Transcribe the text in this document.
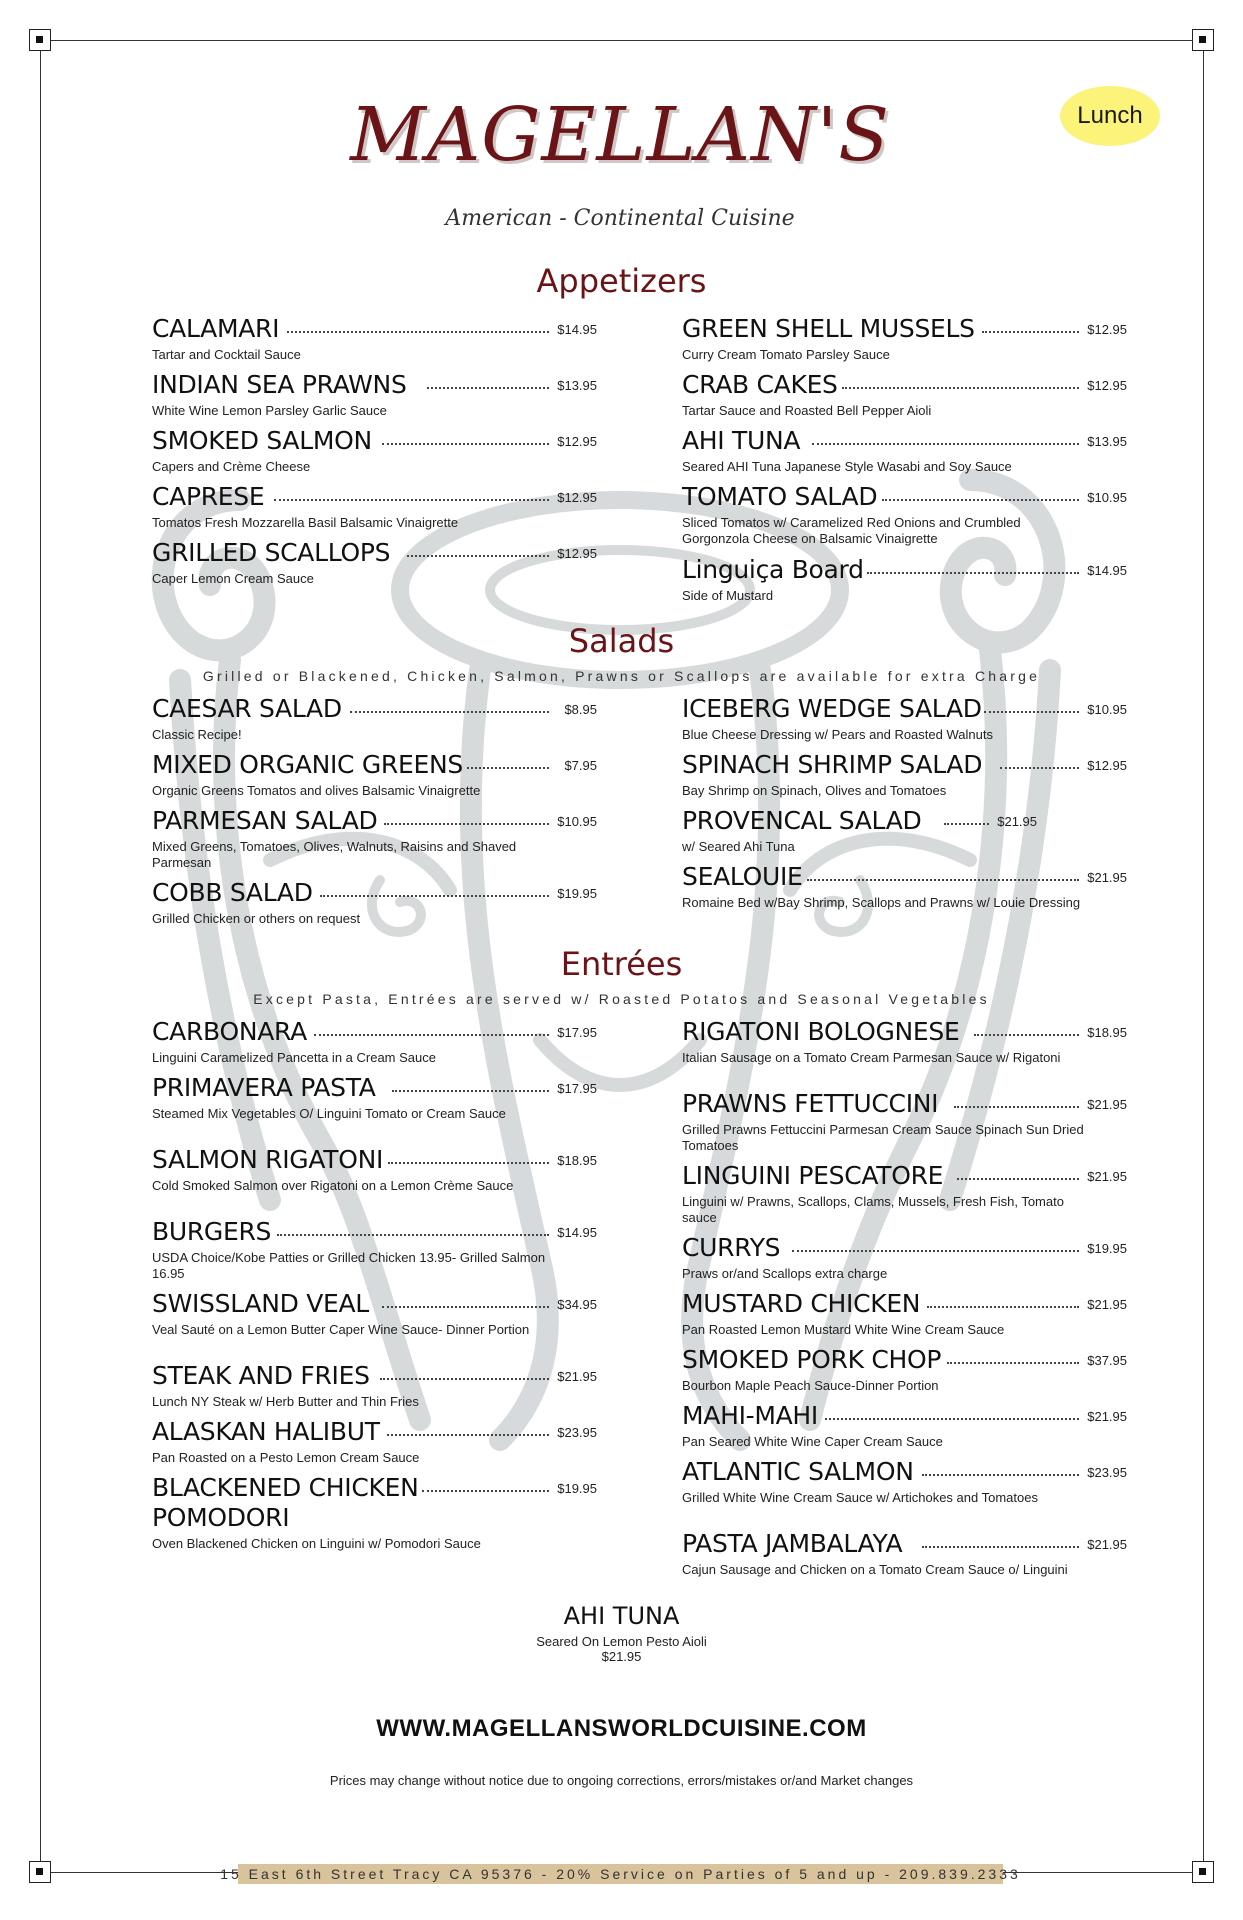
MAGELLAN'S	Lunch
American - Continental Cuisine
Appetizers
CALAMARI	$14.95
Tartar and Cocktail Sauce
INDIAN SEA PRAWNS	$13.95
White Wine Lemon Parsley Garlic Sauce
SMOKED SALMON	$12.95
Capers and Crème Cheese
CAPRESE	$12.95
Tomatos Fresh Mozzarella Basil Balsamic Vinaigrette
GRILLED SCALLOPS	$12.95
Caper Lemon Cream Sauce
GREEN SHELL MUSSELS	$12.95
Curry Cream Tomato Parsley Sauce
CRAB CAKES	$12.95
Tartar Sauce and Roasted Bell Pepper Aioli
AHI TUNA	$13.95
Seared AHI Tuna Japanese Style Wasabi and Soy Sauce
TOMATO SALAD	$10.95
Sliced Tomatos w/ Caramelized Red Onions and Crumbled Gorgonzola Cheese on Balsamic Vinaigrette
Linguiça Board	$14.95
Side of Mustard
Salads
Grilled or Blackened, Chicken, Salmon, Prawns or Scallops are available for extra Charge
CAESAR SALAD	$8.95
Classic Recipe!
MIXED ORGANIC GREENS	$7.95
Organic Greens Tomatos and olives Balsamic Vinaigrette
PARMESAN SALAD	$10.95
Mixed Greens, Tomatoes, Olives, Walnuts, Raisins and Shaved Parmesan
COBB SALAD	$19.95
Grilled Chicken or others on request
ICEBERG WEDGE SALAD	$10.95
Blue Cheese Dressing w/ Pears and Roasted Walnuts
SPINACH SHRIMP SALAD	$12.95
Bay Shrimp on Spinach, Olives and Tomatoes
PROVENCAL SALAD	$21.95
w/ Seared Ahi Tuna
SEALOUIE	$21.95
Romaine Bed w/Bay Shrimp, Scallops and Prawns w/ Louie Dressing
Entrées
Except Pasta, Entrées are served w/ Roasted Potatos and Seasonal Vegetables
CARBONARA	$17.95
Linguini Caramelized Pancetta in a Cream Sauce
PRIMAVERA PASTA	$17.95
Steamed Mix Vegetables O/ Linguini Tomato or Cream Sauce
SALMON RIGATONI	$18.95
Cold Smoked Salmon over Rigatoni on a Lemon Crème Sauce
BURGERS	$14.95
USDA Choice/Kobe Patties or Grilled Chicken 13.95- Grilled Salmon 16.95
SWISSLAND VEAL	$34.95
Veal Sauté on a Lemon Butter Caper Wine Sauce- Dinner Portion
STEAK AND FRIES	$21.95
Lunch NY Steak w/ Herb Butter and Thin Fries
ALASKAN HALIBUT	$23.95
Pan Roasted on a Pesto Lemon Cream Sauce
BLACKENED CHICKEN	$19.95
POMODORI
Oven Blackened Chicken on Linguini w/ Pomodori Sauce
RIGATONI BOLOGNESE	$18.95
Italian Sausage on a Tomato Cream Parmesan Sauce w/ Rigatoni
PRAWNS FETTUCCINI	$21.95
Grilled Prawns Fettuccini Parmesan Cream Sauce Spinach Sun Dried Tomatoes
LINGUINI PESCATORE	$21.95
Linguini w/ Prawns, Scallops, Clams, Mussels, Fresh Fish, Tomato sauce
CURRYS	$19.95
Praws or/and Scallops extra charge
MUSTARD CHICKEN	$21.95
Pan Roasted Lemon Mustard White Wine Cream Sauce
SMOKED PORK CHOP	$37.95
Bourbon Maple Peach Sauce-Dinner Portion
MAHI-MAHI	$21.95
Pan Seared White Wine Caper Cream Sauce
ATLANTIC SALMON	$23.95
Grilled White Wine Cream Sauce w/ Artichokes and Tomatoes
PASTA JAMBALAYA	$21.95
Cajun Sausage and Chicken on a Tomato Cream Sauce o/ Linguini
AHI TUNA
Seared On Lemon Pesto Aioli
$21.95
WWW.MAGELLANSWORLDCUISINE.COM
Prices may change without notice due to ongoing corrections, errors/mistakes or/and Market changes
15 East 6th Street Tracy CA 95376 - 20% Service on Parties of 5 and up - 209.839.2333
